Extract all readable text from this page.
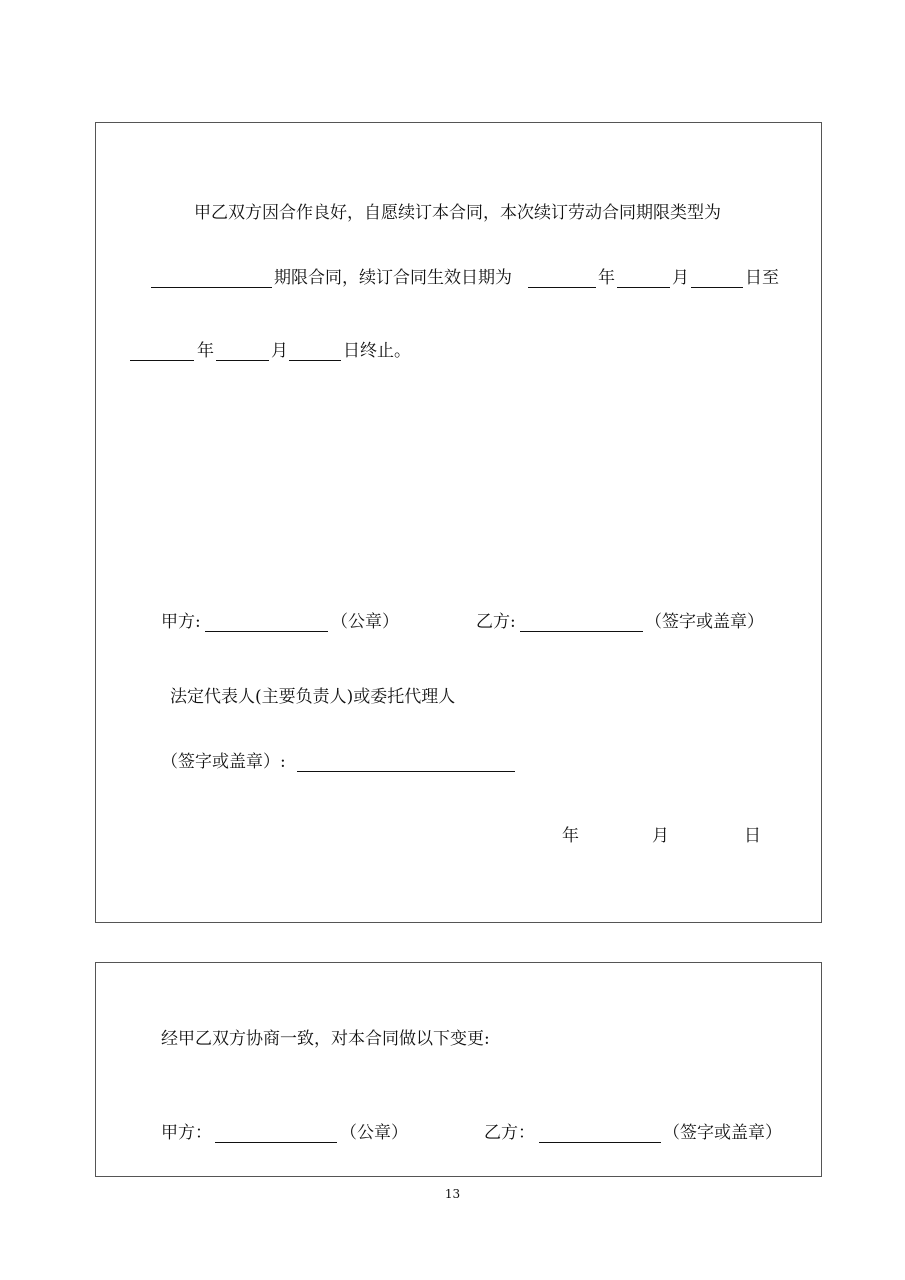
甲乙双方因合作良好，自愿续订本合同，本次续订劳动合同期限类型为
期限合同，续订合同生效日期为	年	月	日至
年	月	日终止。
甲方:	（公章）	乙方:	（签字或盖章）
法定代表人(主要负责人)或委托代理人
（签字或盖章）:
年	月	日
经甲乙双方协商一致，对本合同做以下变更:
甲方：	（公章）	乙方：	（签字或盖章）
13
